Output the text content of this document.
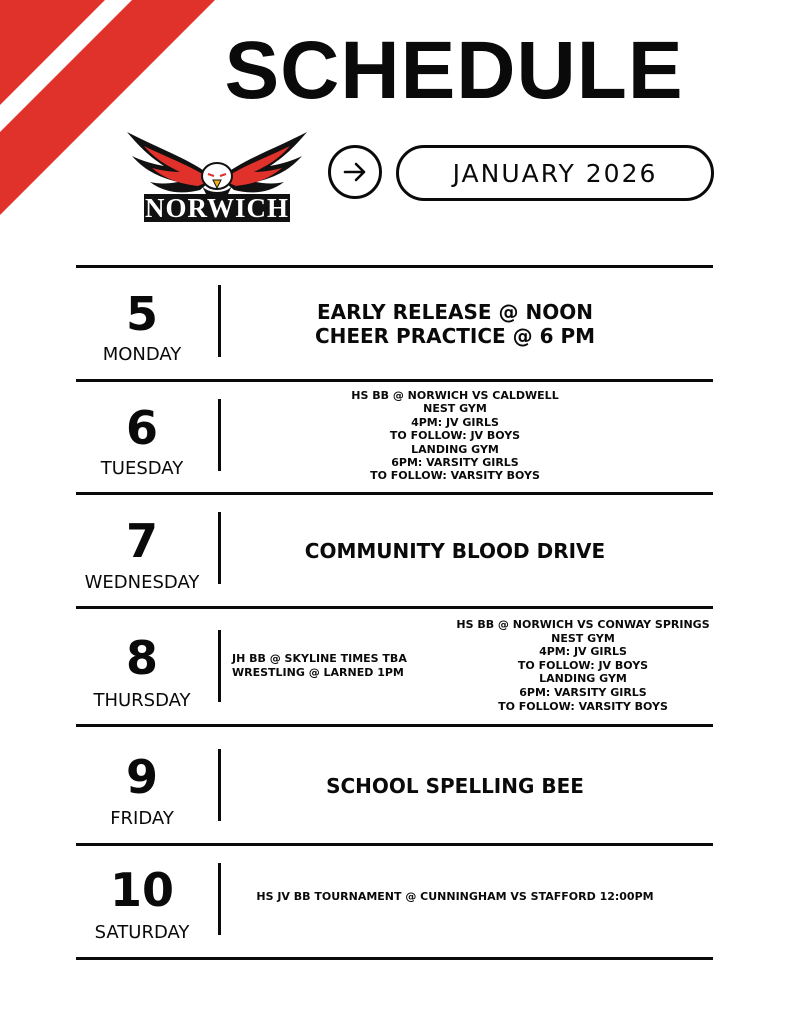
SCHEDULE
NORWICH
JANUARY 2026
5
MONDAY
EARLY RELEASE @ NOON
CHEER PRACTICE @ 6 PM
6
TUESDAY
HS BB @ NORWICH VS CALDWELL
NEST GYM
4PM: JV GIRLS
TO FOLLOW: JV BOYS
LANDING GYM
6PM: VARSITY GIRLS
TO FOLLOW: VARSITY BOYS
7
WEDNESDAY
COMMUNITY BLOOD DRIVE
8
THURSDAY
JH BB @ SKYLINE TIMES TBA
WRESTLING @ LARNED 1PM
HS BB @ NORWICH VS CONWAY SPRINGS
NEST GYM
4PM: JV GIRLS
TO FOLLOW: JV BOYS
LANDING GYM
6PM: VARSITY GIRLS
TO FOLLOW: VARSITY BOYS
9
FRIDAY
SCHOOL SPELLING BEE
10
SATURDAY
HS JV BB TOURNAMENT @ CUNNINGHAM VS STAFFORD 12:00PM
